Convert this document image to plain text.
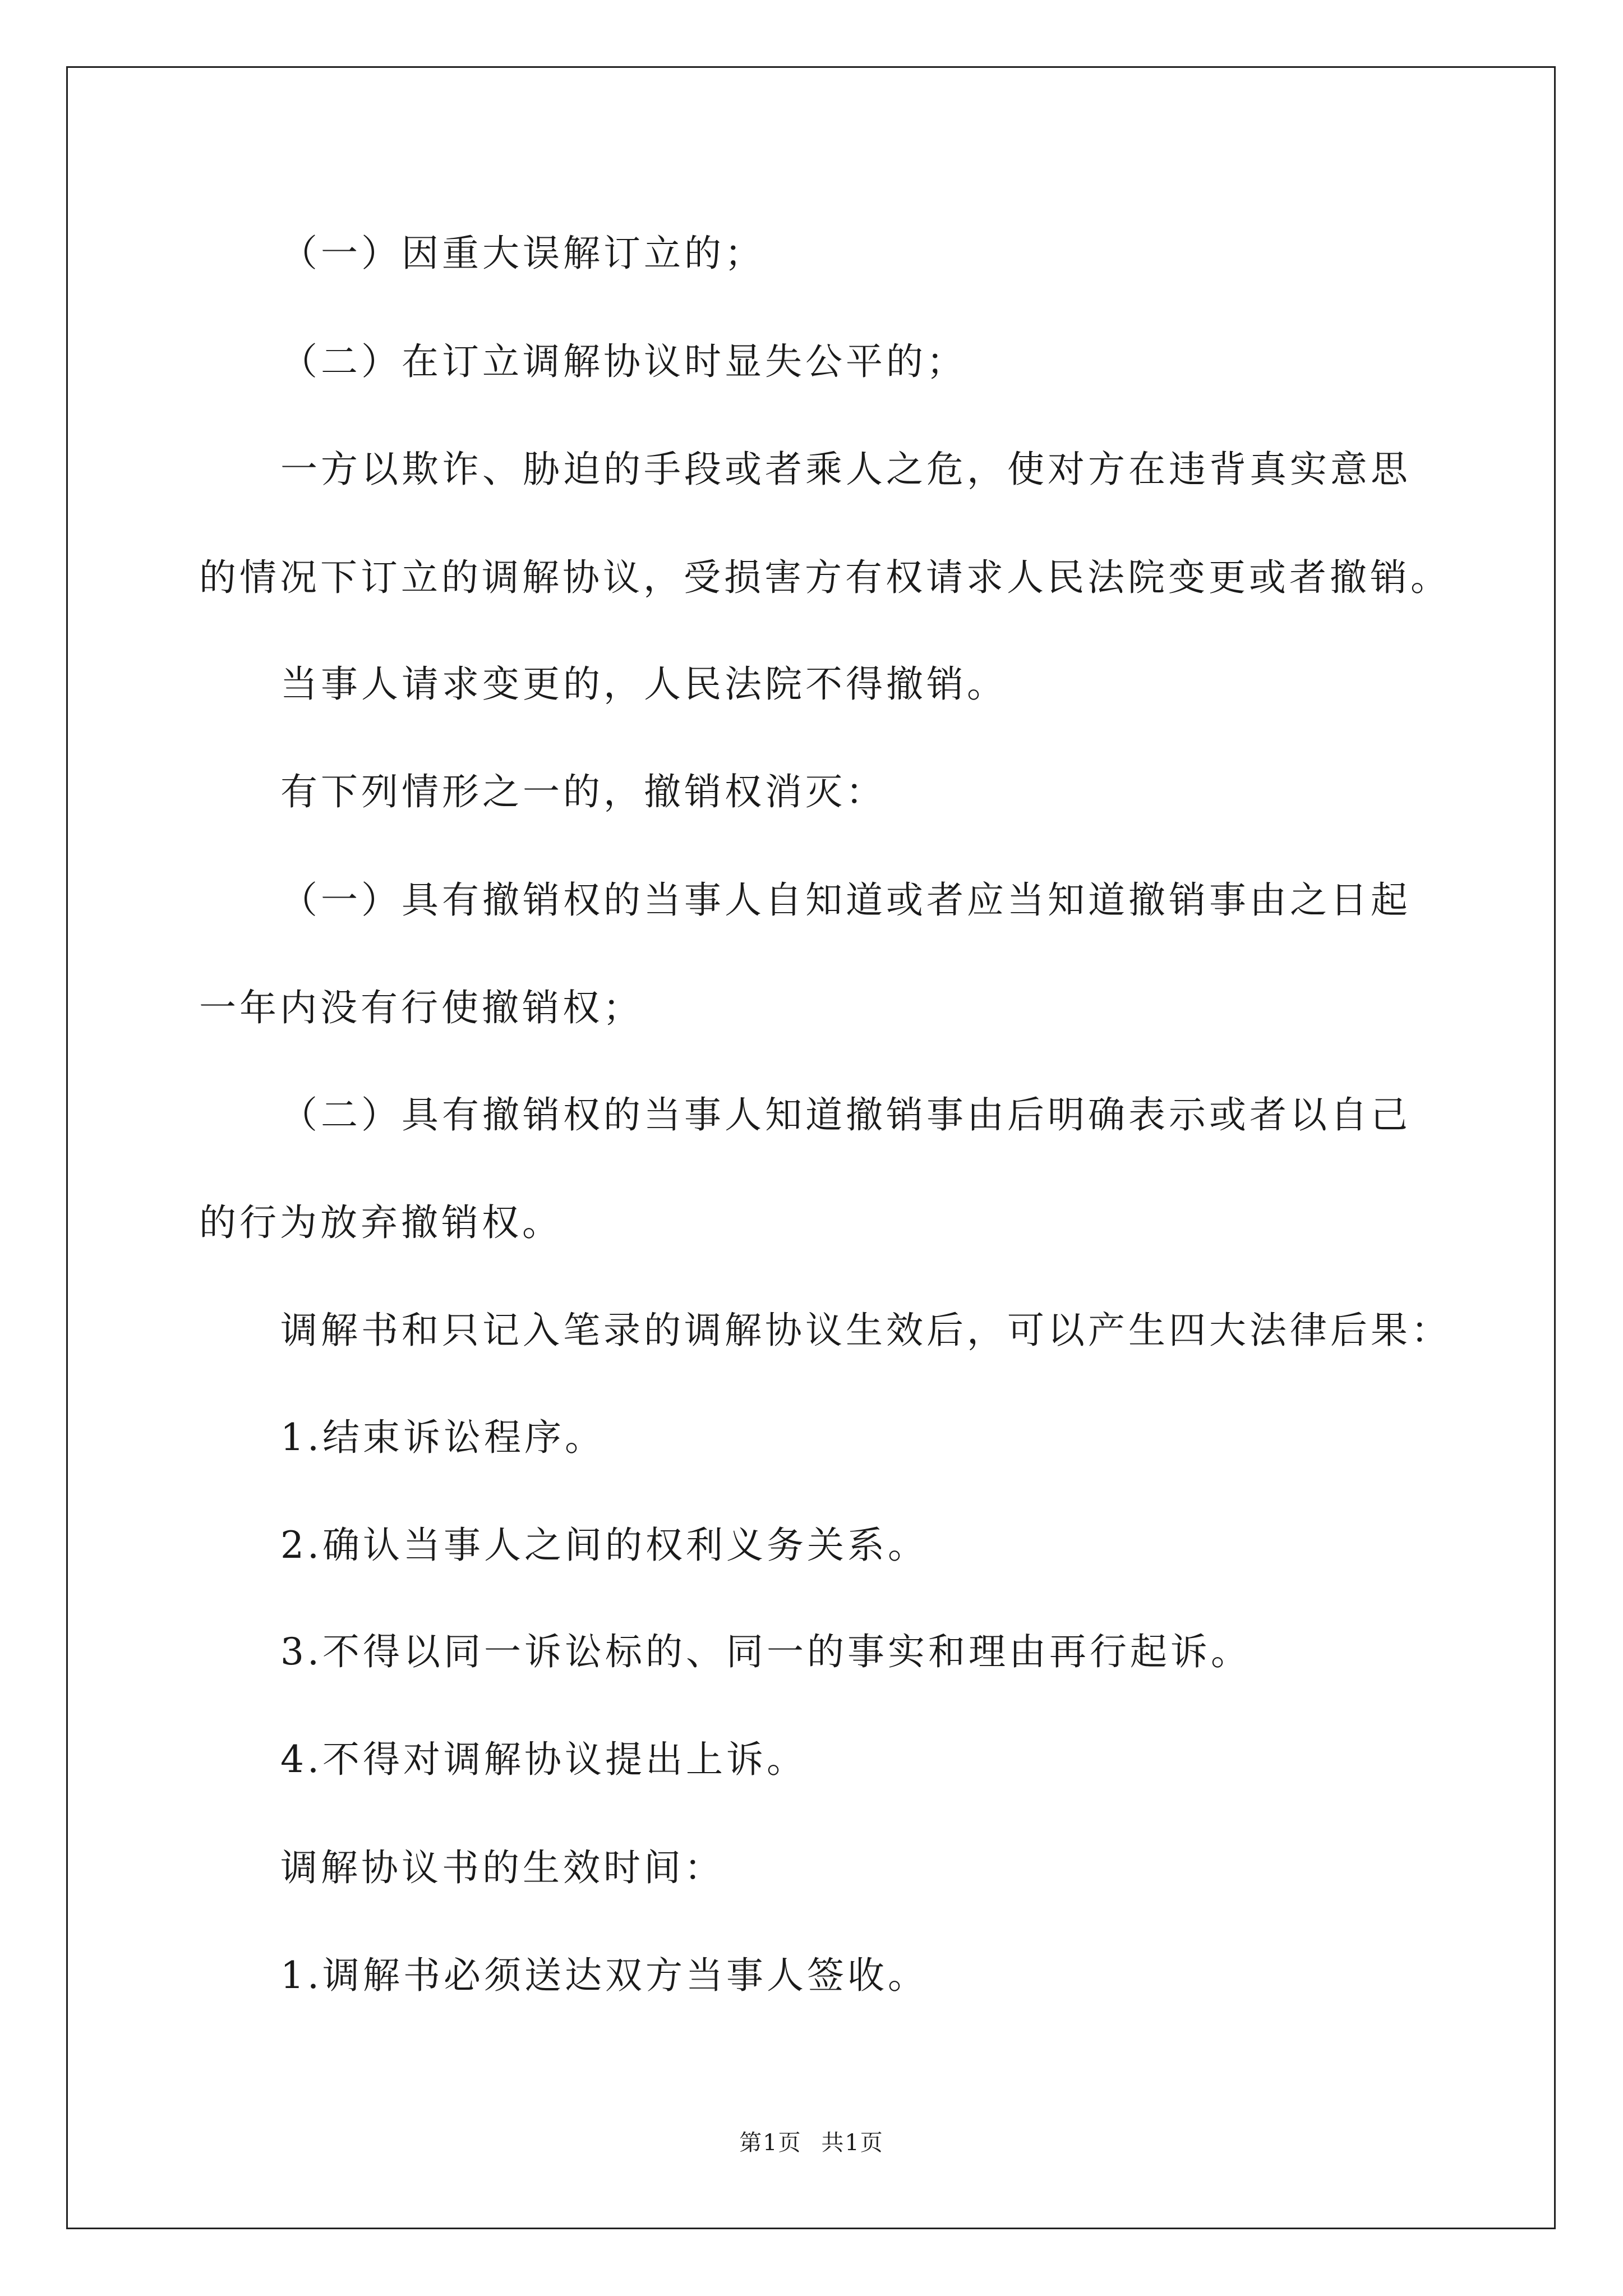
（一）因重大误解订立的；
（二）在订立调解协议时显失公平的；
一方以欺诈、胁迫的手段或者乘人之危，使对方在违背真实意思
的情况下订立的调解协议，受损害方有权请求人民法院变更或者撤销。
当事人请求变更的，人民法院不得撤销。
有下列情形之一的，撤销权消灭：
（一）具有撤销权的当事人自知道或者应当知道撤销事由之日起
一年内没有行使撤销权；
（二）具有撤销权的当事人知道撤销事由后明确表示或者以自己
的行为放弃撤销权。
调解书和只记入笔录的调解协议生效后，可以产生四大法律后果：
1.结束诉讼程序。
2.确认当事人之间的权利义务关系。
3.不得以同一诉讼标的、同一的事实和理由再行起诉。
4.不得对调解协议提出上诉。
调解协议书的生效时间：
1.调解书必须送达双方当事人签收。
第1页 共1页
